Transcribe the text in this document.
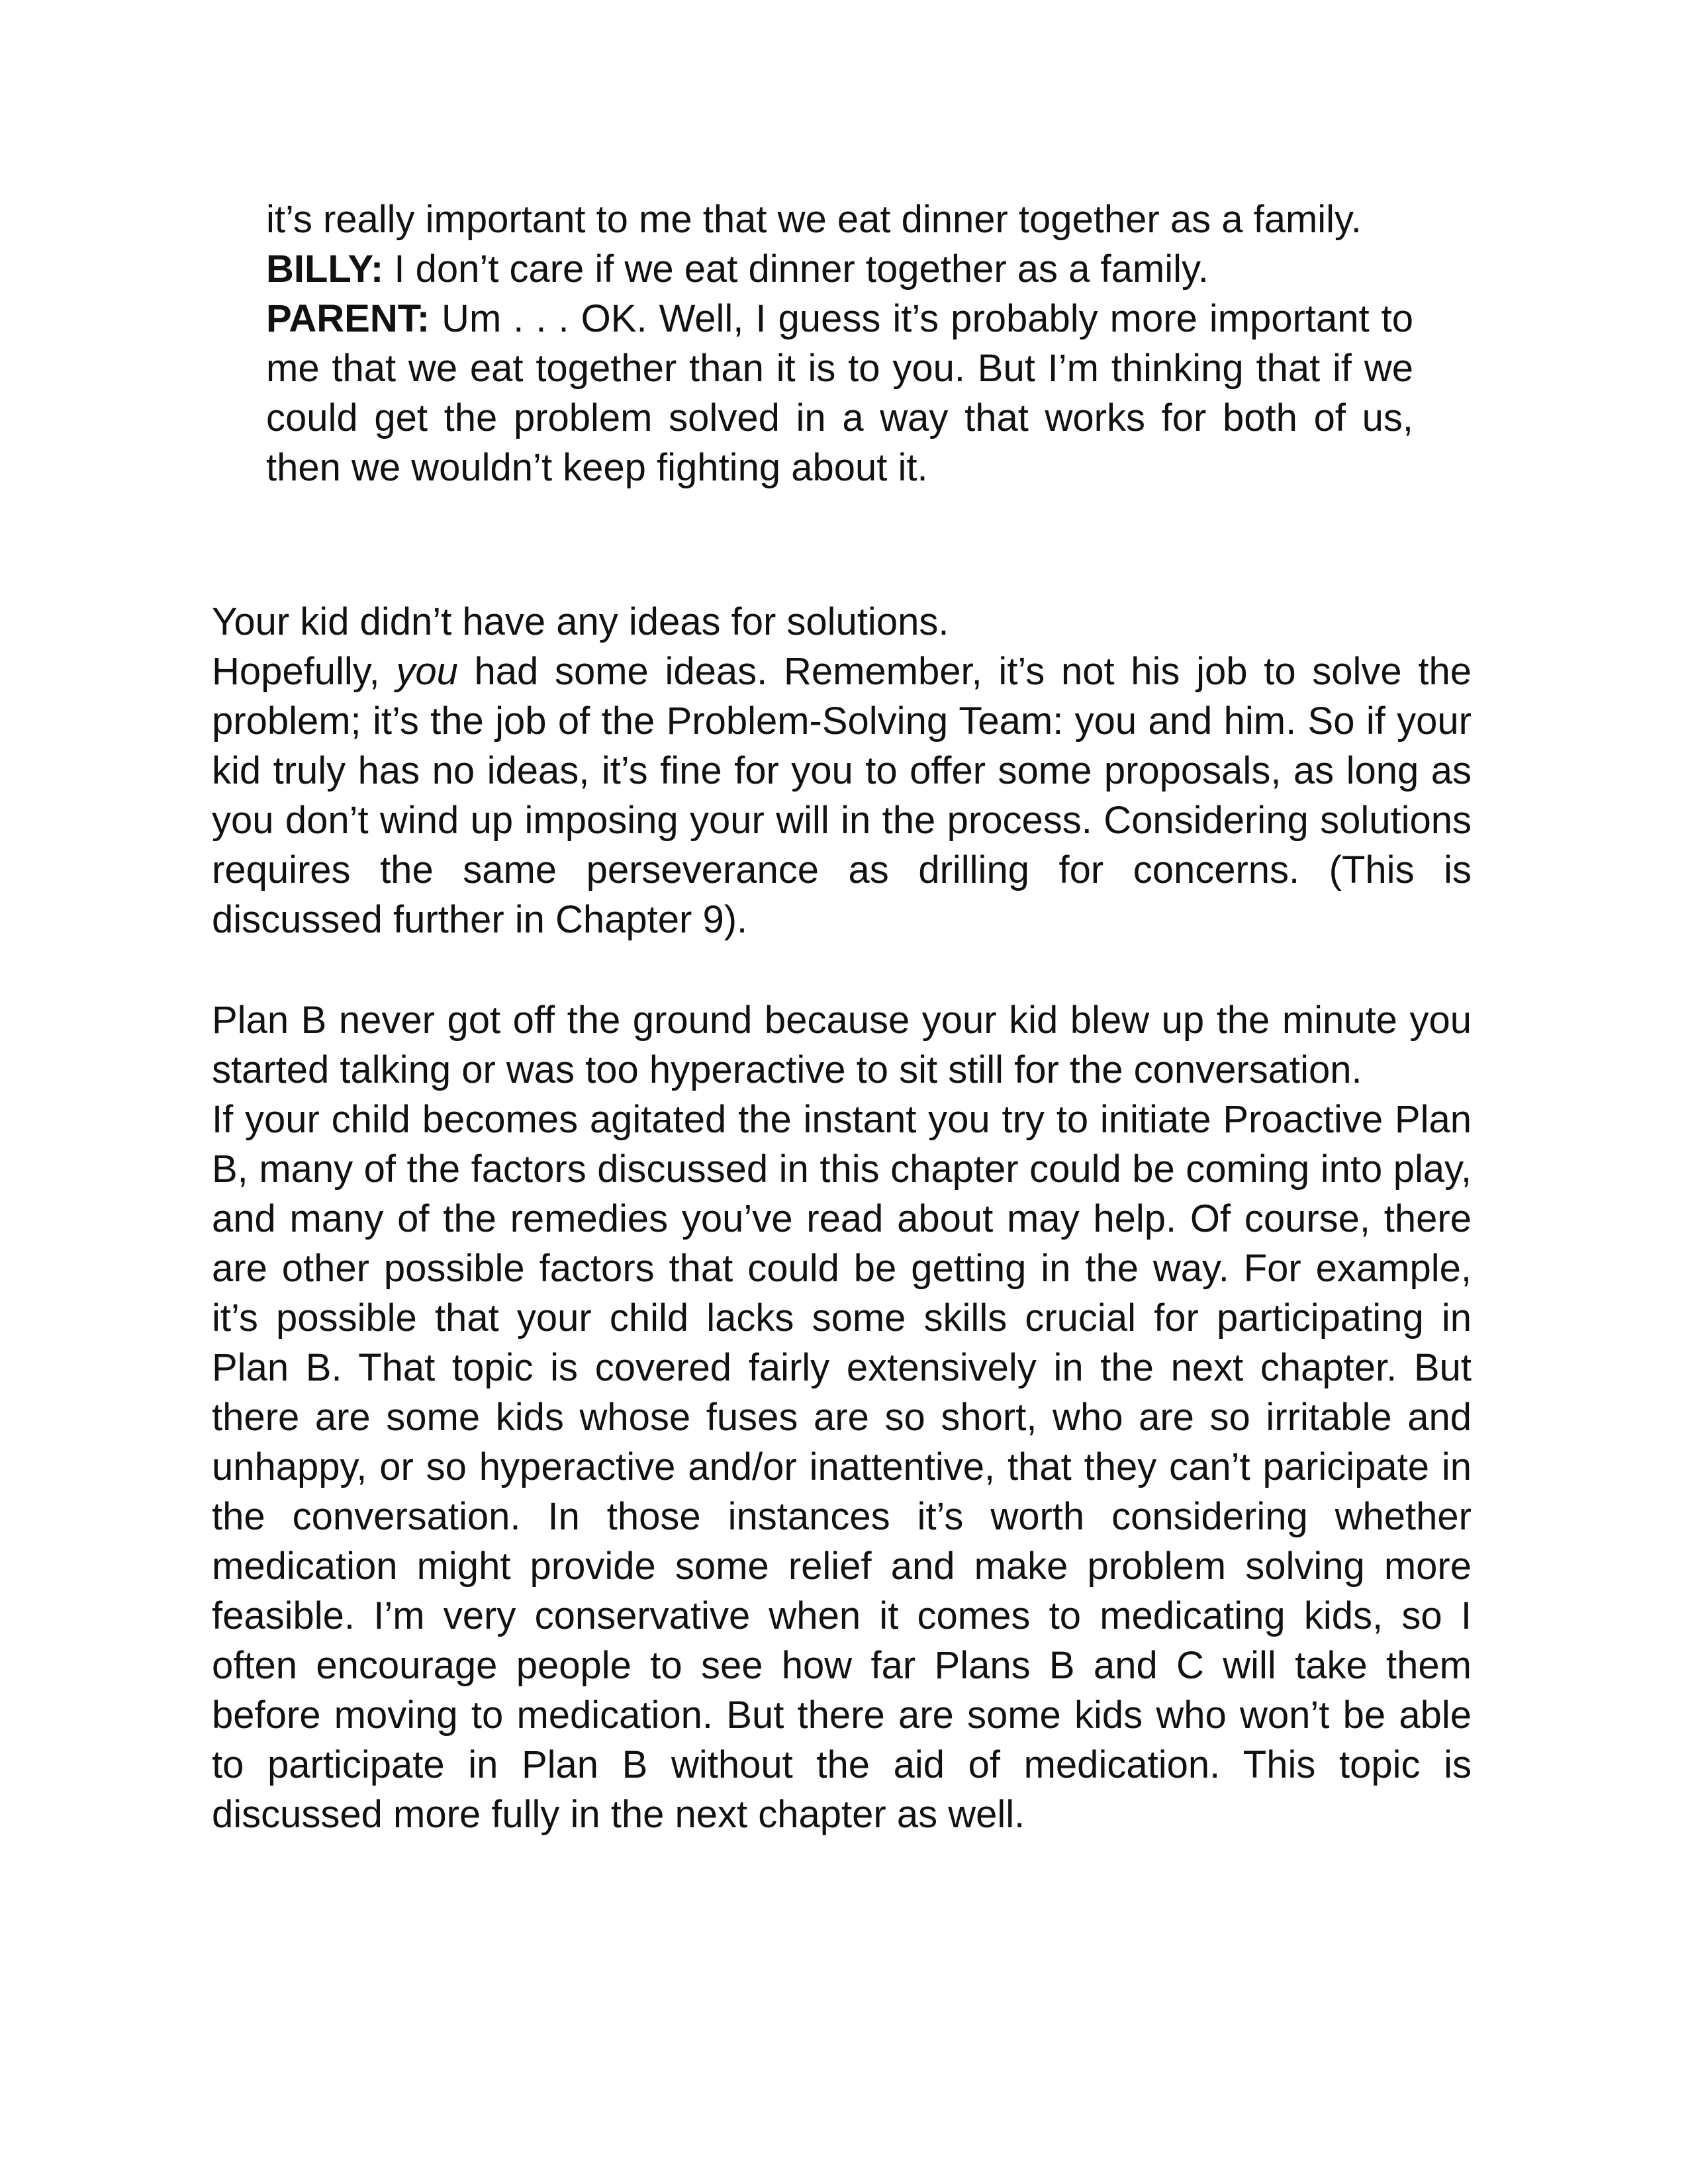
it’s really important to me that we eat dinner together as a family.

BILLY: I don’t care if we eat dinner together as a family.

PARENT: Um . . . OK. Well, I guess it’s probably more important to me that we eat together than it is to you. But I’m thinking that if we could get the problem solved in a way that works for both of us, then we wouldn’t keep fighting about it.

Your kid didn’t have any ideas for solutions.

Hopefully, you had some ideas. Remember, it’s not his job to solve the problem; it’s the job of the Problem-Solving Team: you and him. So if your kid truly has no ideas, it’s fine for you to offer some proposals, as long as you don’t wind up imposing your will in the process. Considering solutions requires the same perseverance as drilling for concerns. (This is discussed further in Chapter 9).

Plan B never got off the ground because your kid blew up the minute you started talking or was too hyperactive to sit still for the conversation.

If your child becomes agitated the instant you try to initiate Proactive Plan B, many of the factors discussed in this chapter could be coming into play, and many of the remedies you’ve read about may help. Of course, there are other possible factors that could be getting in the way. For example, it’s possible that your child lacks some skills crucial for participating in Plan B. That topic is covered fairly extensively in the next chapter. But there are some kids whose fuses are so short, who are so irritable and unhappy, or so hyperactive and/or inattentive, that they can’t paricipate in the conversation. In those instances it’s worth considering whether medication might provide some relief and make problem solving more feasible. I’m very conservative when it comes to medicating kids, so I often encourage people to see how far Plans B and C will take them before moving to medication. But there are some kids who won’t be able to participate in Plan B without the aid of medication. This topic is discussed more fully in the next chapter as well.
